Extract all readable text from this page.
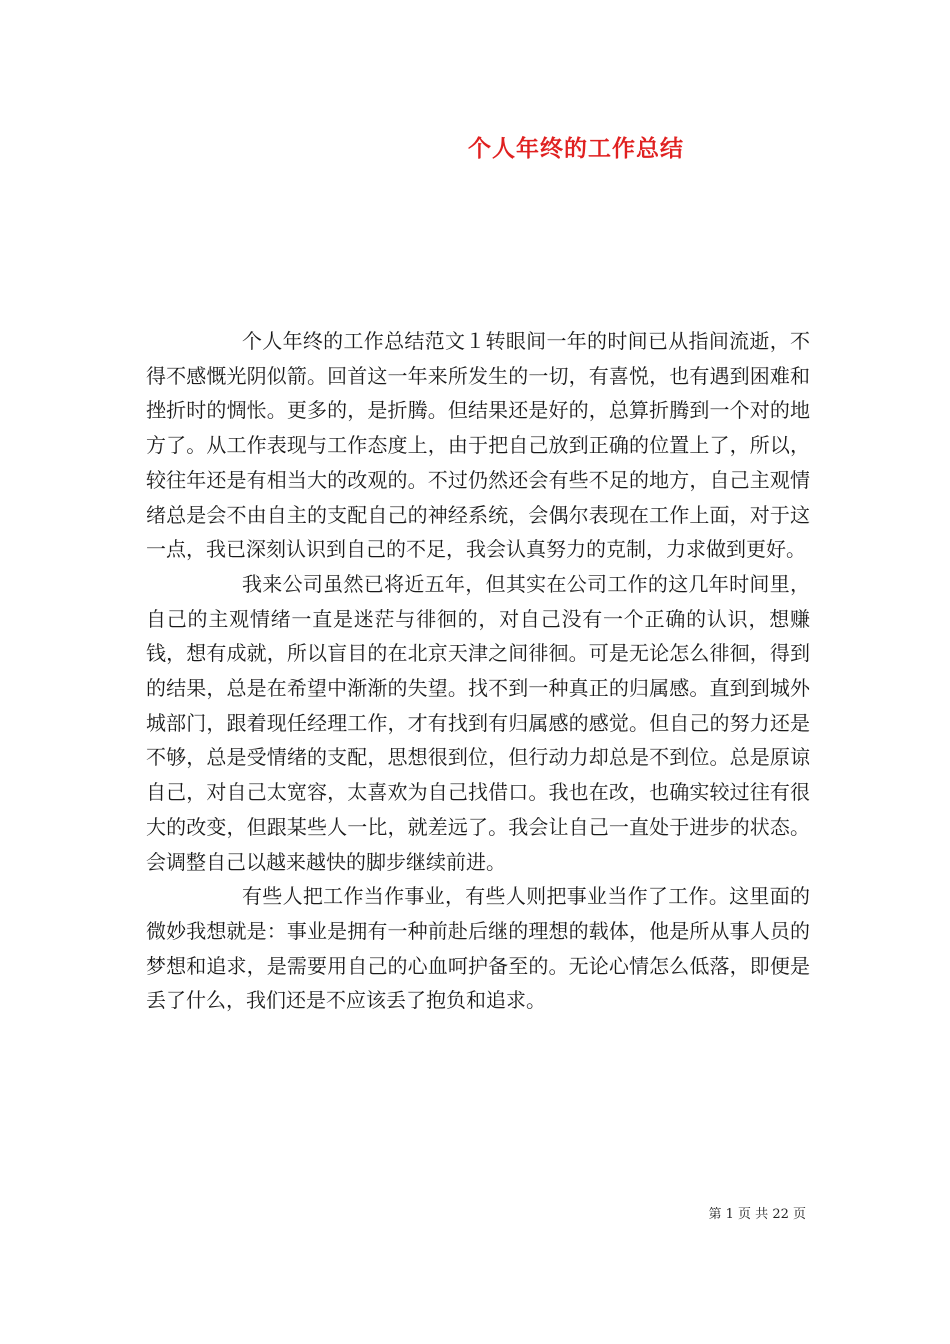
个人年终的工作总结

个人年终的工作总结范文１转眼间一年的时间已从指间流逝，不得不感慨光阴似箭。回首这一年来所发生的一切，有喜悦，也有遇到困难和挫折时的惆怅。更多的，是折腾。但结果还是好的，总算折腾到一个对的地方了。从工作表现与工作态度上，由于把自己放到正确的位置上了，所以，较往年还是有相当大的改观的。不过仍然还会有些不足的地方，自己主观情绪总是会不由自主的支配自己的神经系统，会偶尔表现在工作上面，对于这一点，我已深刻认识到自己的不足，我会认真努力的克制，力求做到更好。

我来公司虽然已将近五年，但其实在公司工作的这几年时间里，自己的主观情绪一直是迷茫与徘徊的，对自己没有一个正确的认识，想赚钱，想有成就，所以盲目的在北京天津之间徘徊。可是无论怎么徘徊，得到的结果，总是在希望中渐渐的失望。找不到一种真正的归属感。直到到城外城部门，跟着现任经理工作，才有找到有归属感的感觉。但自己的努力还是不够，总是受情绪的支配，思想很到位，但行动力却总是不到位。总是原谅自己，对自己太宽容，太喜欢为自己找借口。我也在改，也确实较过往有很大的改变，但跟某些人一比，就差远了。我会让自己一直处于进步的状态。会调整自己以越来越快的脚步继续前进。

有些人把工作当作事业，有些人则把事业当作了工作。这里面的微妙我想就是：事业是拥有一种前赴后继的理想的载体，他是所从事人员的梦想和追求，是需要用自己的心血呵护备至的。无论心情怎么低落，即便是丢了什么，我们还是不应该丢了抱负和追求。

第 1 页 共 22 页
